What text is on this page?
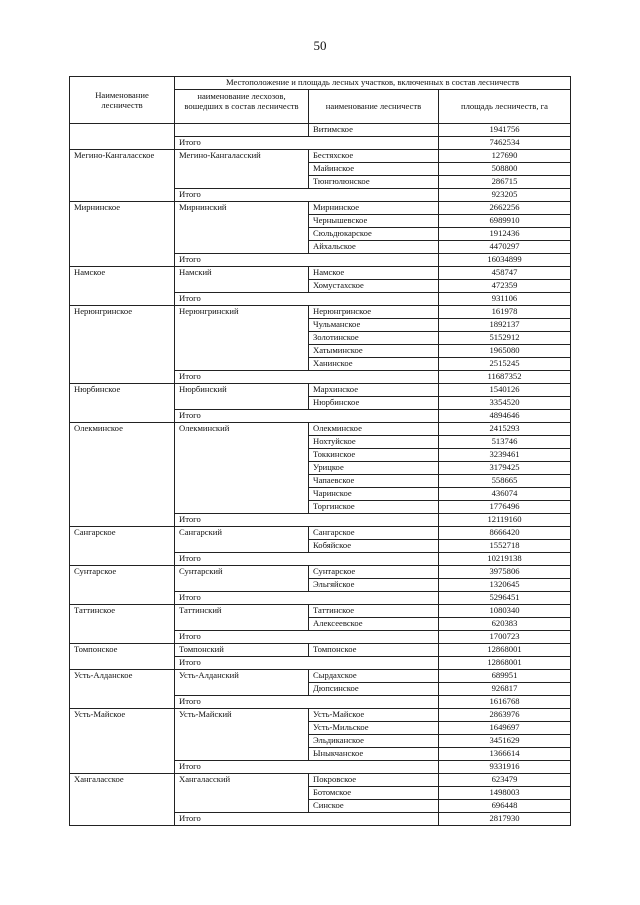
50
Наименование лесничеств	Местоположение и площадь лесных участков, включенных в состав лесничеств		
	наименование лесхозов, вошедших в состав лесничеств	наименование лесничеств	площадь лесничеств, га
		Витимское	1941756
	Итого		7462534
Мегино-Кангаласское	Мегино-Кангаласский	Бестяхское	127690
		Майинское	508800
		Тюнгюлюнское	286715
	Итого		923205
Мирнинское	Мирнинский	Мирнинское	2662256
		Чернышевское	6989910
		Сюльдюкарское	1912436
		Айхальское	4470297
	Итого		16034899
Намское	Намский	Намское	458747
		Хомустахское	472359
	Итого		931106
Нерюнгринское	Нерюнгринский	Нерюнгринское	161978
		Чульманское	1892137
		Золотинское	5152912
		Хатыминское	1965080
		Ханинское	2515245
	Итого		11687352
Нюрбинское	Нюрбинский	Мархинское	1540126
		Нюрбинское	3354520
	Итого		4894646
Олекминское	Олекминский	Олекминское	2415293
		Нохтуйское	513746
		Токкинское	3239461
		Урицкое	3179425
		Чапаевское	558665
		Чаринское	436074
		Торгинское	1776496
	Итого		12119160
Сангарское	Сангарский	Сангарское	8666420
		Кобяйское	1552718
	Итого		10219138
Сунтарское	Сунтарский	Сунтарское	3975806
		Эльгяйское	1320645
	Итого		5296451
Таттинское	Таттинский	Таттинское	1080340
		Алексеевское	620383
	Итого		1700723
Томпонское	Томпонский	Томпонское	12868001
	Итого		12868001
Усть-Алданское	Усть-Алданский	Сырдахское	689951
		Дюпсинское	926817
	Итого		1616768
Усть-Майское	Усть-Майский	Усть-Майское	2863976
		Усть-Мильское	1649697
		Эльдиканское	3451629
		Ыныкчанское	1366614
	Итого		9331916
Хангаласское	Хангаласский	Покровское	623479
		Ботомское	1498003
		Синское	696448
	Итого		2817930
